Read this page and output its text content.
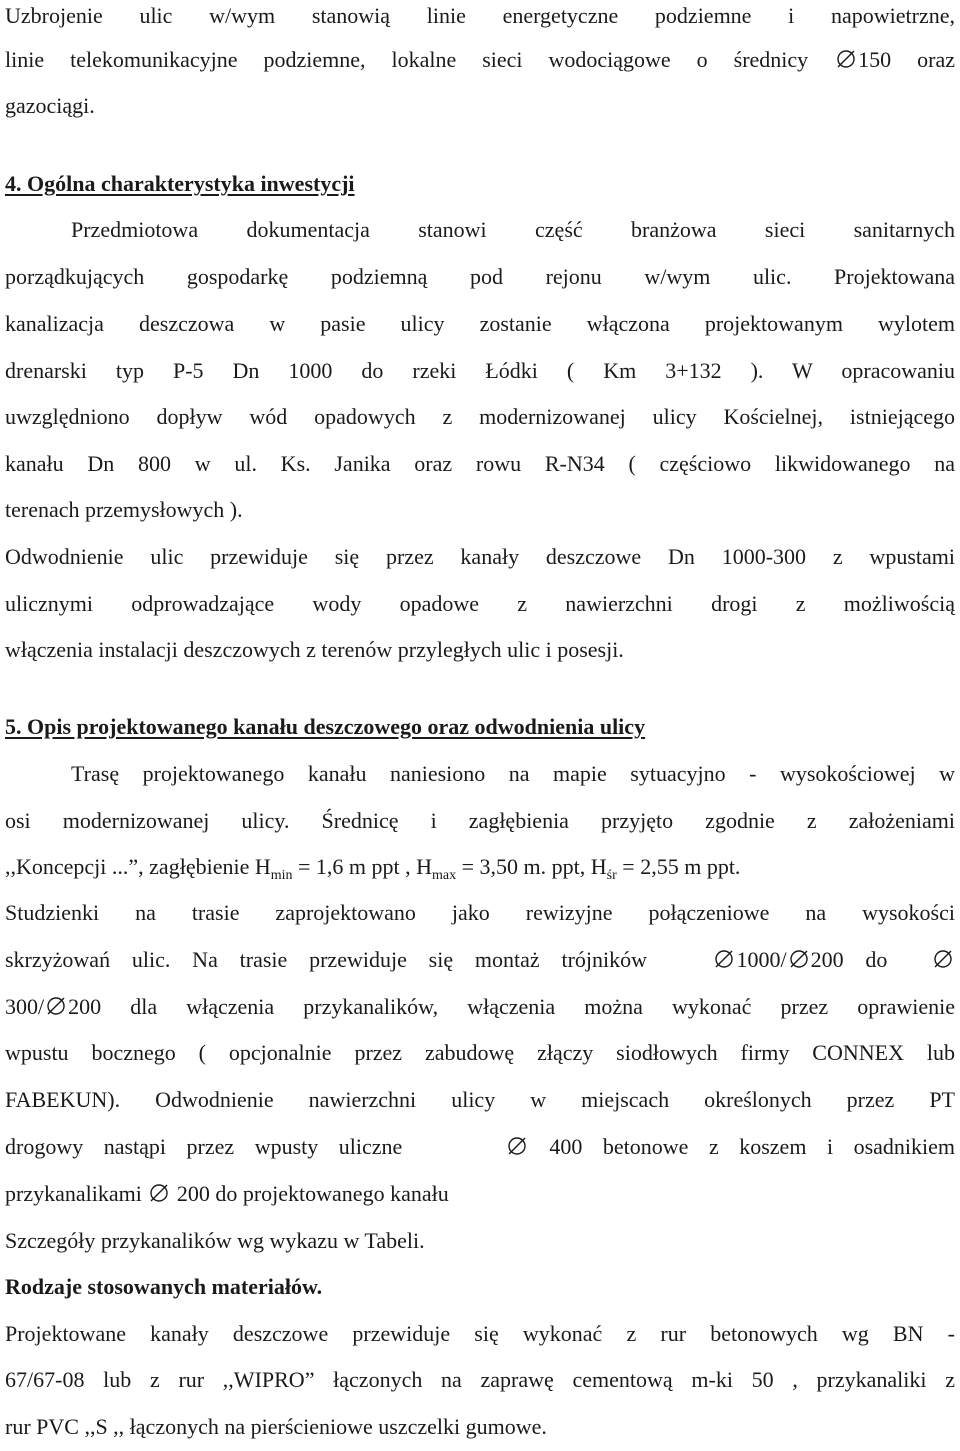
Uzbrojenie ulic w/wym stanowią linie energetyczne podziemne i napowietrzne,
linie telekomunikacyjne podziemne, lokalne sieci wodociągowe o średnicy
150 oraz
gazociągi.
4. Ogólna charakterystyka inwestycji
Przedmiotowa dokumentacja stanowi część branżowa sieci sanitarnych
porządkujących gospodarkę podziemną pod rejonu w/wym ulic. Projektowana
kanalizacja deszczowa w pasie ulicy zostanie włączona projektowanym wylotem
drenarski typ P-5 Dn 1000 do rzeki Łódki ( Km 3+132 ). W opracowaniu
uwzględniono dopływ wód opadowych z modernizowanej ulicy Kościelnej, istniejącego
kanału Dn 800 w ul. Ks. Janika oraz rowu R-N34 ( częściowo likwidowanego na
terenach przemysłowych ).
Odwodnienie ulic przewiduje się przez kanały deszczowe Dn 1000-300 z wpustami
ulicznymi odprowadzające wody opadowe z nawierzchni drogi z możliwością
włączenia instalacji deszczowych z terenów przyległych ulic i posesji.
5. Opis projektowanego kanału deszczowego oraz odwodnienia ulicy
Trasę projektowanego kanału naniesiono na mapie sytuacyjno - wysokościowej w
osi modernizowanej ulicy. Średnicę i zagłębienia przyjęto zgodnie z założeniami
,,Koncepcji ...”, zagłębienie $H_{min} = 1,6$ m ppt , $H_{max} = 3,50$ m. ppt, $H_{śr} = 2,55$ m ppt.
Studzienki na trasie zaprojektowano jako rewizyjne połączeniowe na wysokości
skrzyżowań ulic. Na trasie przewiduje się montaż trójników	1000/ 200 do
300/ 200 dla włączenia przykanalików, włączenia można wykonać przez oprawienie
wpustu bocznego ( opcjonalnie przez zabudowę złączy siodłowych firmy CONNEX lub
FABEKUN). Odwodnienie nawierzchni ulicy w miejscach określonych przez PT
drogowy nastąpi przez wpusty uliczne	400 betonowe z koszem i osadnikiem
przykanalikami 200 do projektowanego kanału
Szczegóły przykanalików wg wykazu w Tabeli.
Rodzaje stosowanych materiałów.
Projektowane kanały deszczowe przewiduje się wykonać z rur betonowych wg BN -
67/67-08 lub z rur ,,WIPRO” łączonych na zaprawę cementową m-ki 50 , przykanaliki z
rur PVC ,,S ,, łączonych na pierścieniowe uszczelki gumowe.
